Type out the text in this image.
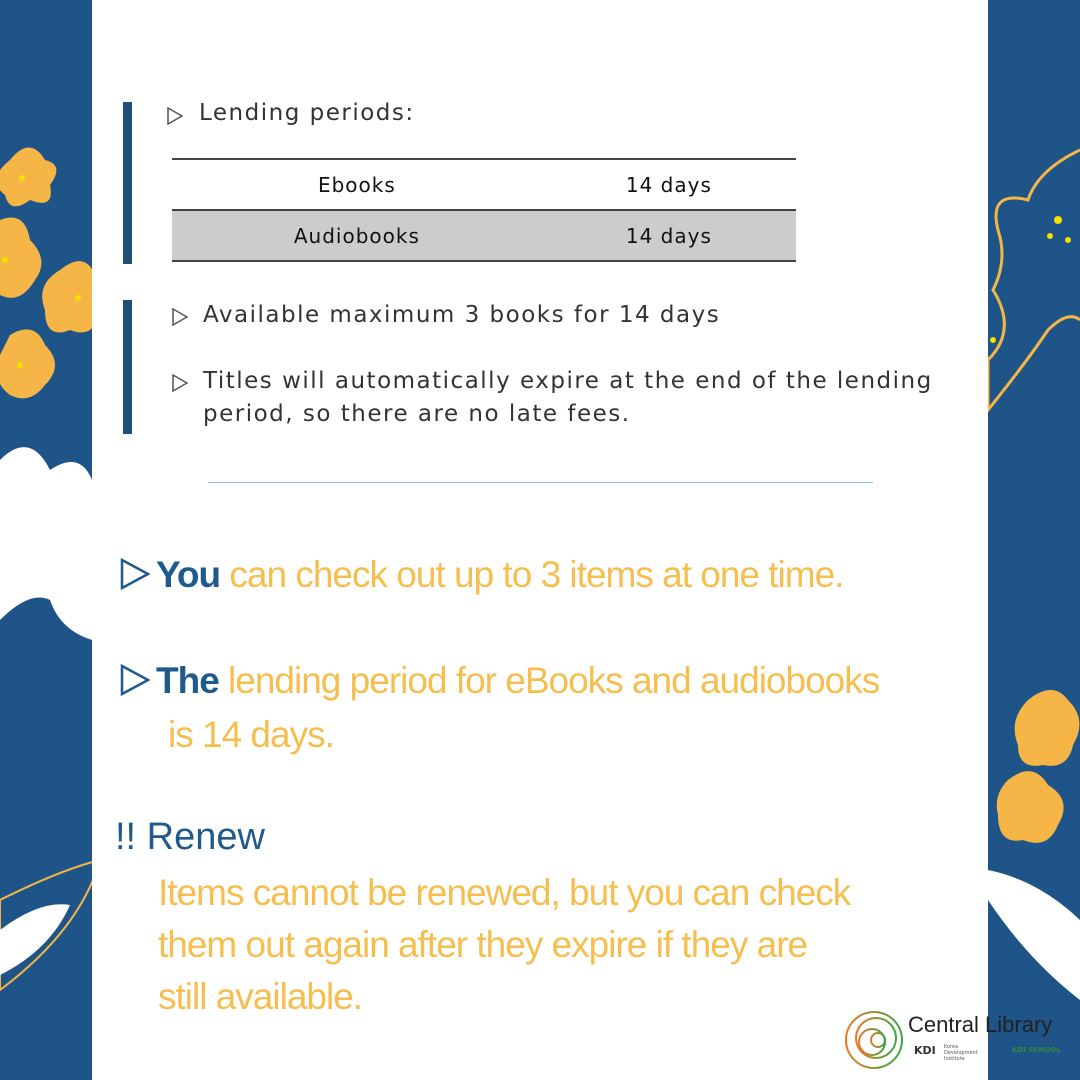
Lending periods:
Ebooks	14 days
Audiobooks	14 days
Available maximum 3 books for 14 days
Titles will automatically expire at the end of the lending
period, so there are no late fees.
You can check out up to 3 items at one time.
The lending period for eBooks and audiobooks
is 14 days.
!! Renew
Items cannot be renewed, but you can check
them out again after they expire if they are
still available.
Central Library
KDI Korea Development Institute
KDI SCHOOL
